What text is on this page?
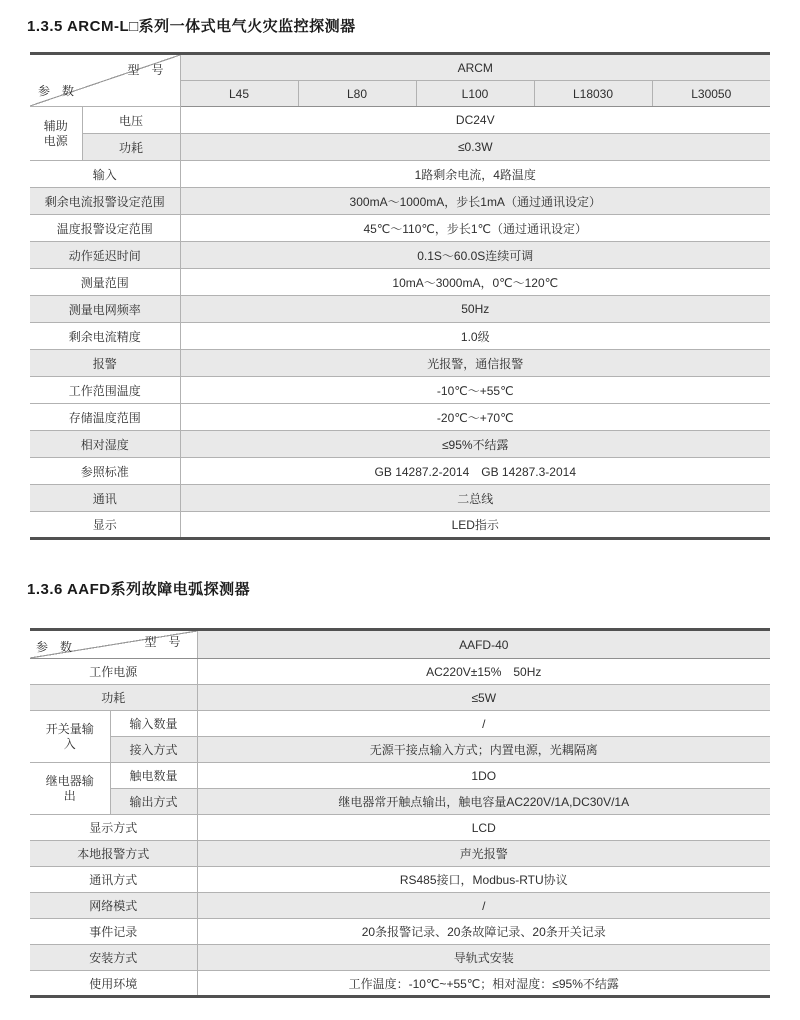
1.3.5 ARCM-L□系列一体式电气火灾监控探测器
型　号
参　数		ARCM				
		L45	L80	L100	L18030	L30050
辅助电源	电压	DC24V				
	功耗	≤0.3W				
输入		1路剩余电流，4路温度				
剩余电流报警设定范围		300mA～1000mA，步长1mA（通过通讯设定）				
温度报警设定范围		45℃～110℃，步长1℃（通过通讯设定）				
动作延迟时间		0.1S～60.0S连续可调				
测量范围		10mA～3000mA，0℃～120℃				
测量电网频率		50Hz				
剩余电流精度		1.0级				
报警		光报警，通信报警				
工作范围温度		-10℃～+55℃				
存储温度范围		-20℃～+70℃				
相对湿度		≤95%不结露				
参照标准		GB 14287.2-2014　GB 14287.3-2014				
通讯		二总线				
显示		LED指示				
1.3.6 AAFD系列故障电弧探测器
型　号
参　数		AAFD-40
工作电源		AC220V±15%　50Hz
功耗		≤5W
开关量输入	输入数量	/
	接入方式	无源干接点输入方式；内置电源，光耦隔离
继电器输出	触电数量	1DO
	输出方式	继电器常开触点输出，触电容量AC220V/1A,DC30V/1A
显示方式		LCD
本地报警方式		声光报警
通讯方式		RS485接口，Modbus-RTU协议
网络模式		/
事件记录		20条报警记录、20条故障记录、20条开关记录
安装方式		导轨式安装
使用环境		工作温度：-10℃~+55℃；相对湿度：≤95%不结露
